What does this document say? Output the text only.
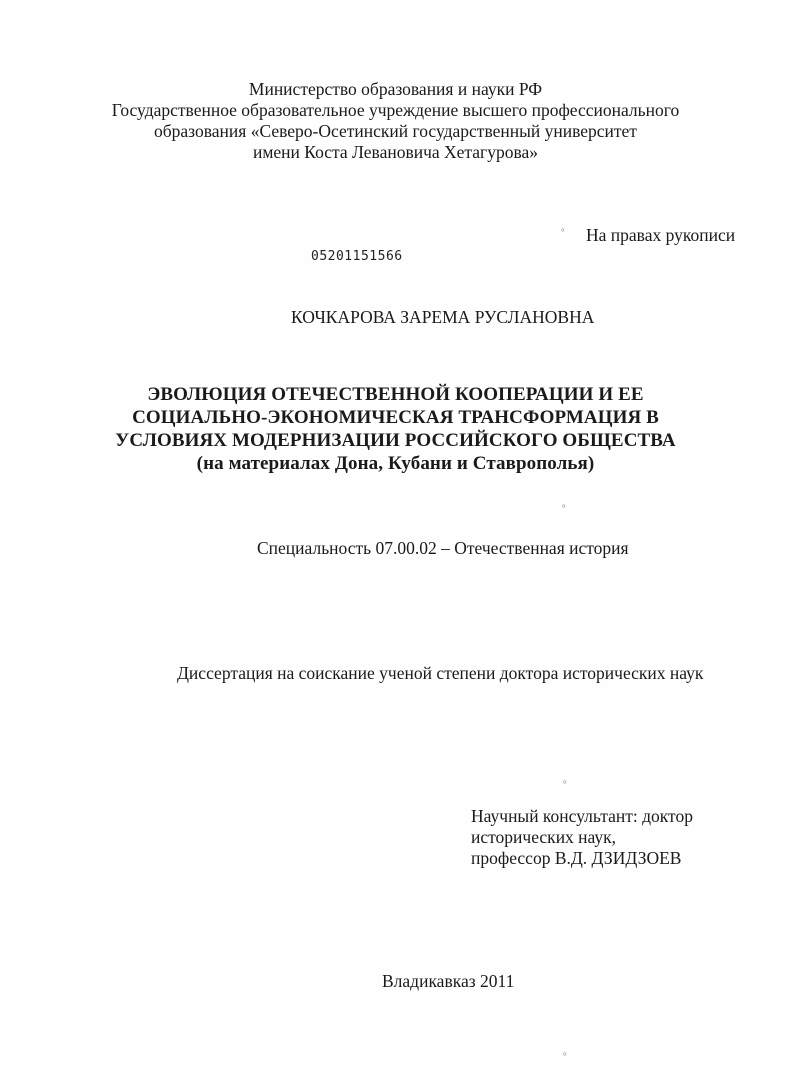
Министерство образования и науки РФ
Государственное образовательное учреждение высшего профессионального
образования «Северо-Осетинский государственный университет
имени Коста Левановича Хетагурова»
° На правах рукописи
05201151566
КОЧКАРОВА ЗАРЕМА РУСЛАНОВНА
ЭВОЛЮЦИЯ ОТЕЧЕСТВЕННОЙ КООПЕРАЦИИ И ЕЕ
СОЦИАЛЬНО-ЭКОНОМИЧЕСКАЯ ТРАНСФОРМАЦИЯ В
УСЛОВИЯХ МОДЕРНИЗАЦИИ РОССИЙСКОГО ОБЩЕСТВА
(на материалах Дона, Кубани и Ставрополья)
°
Специальность 07.00.02 – Отечественная история
Диссертация на соискание ученой степени доктора исторических наук
°
Научный консультант: доктор
исторических наук,
профессор В.Д. ДЗИДЗОЕВ
Владикавказ 2011
°
